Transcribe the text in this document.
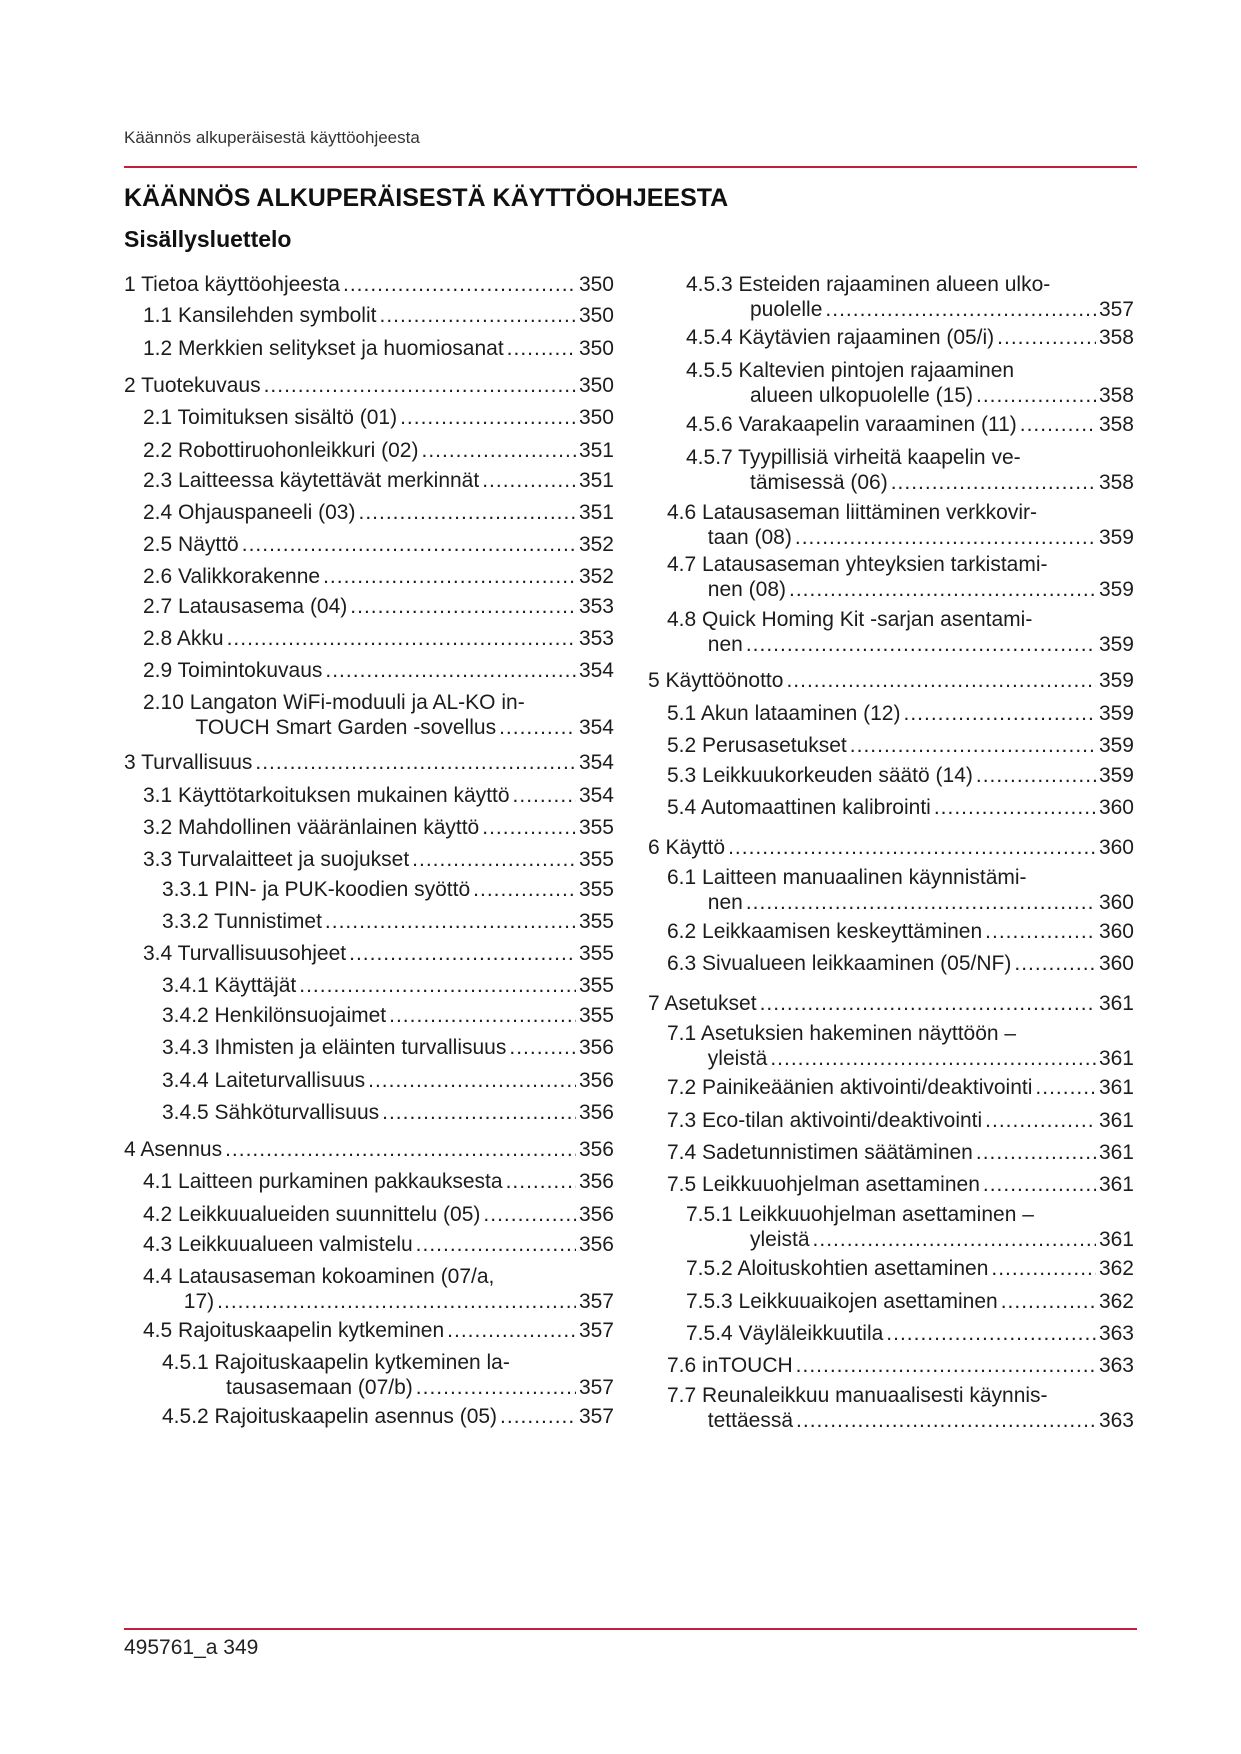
Käännös alkuperäisestä käyttöohjeesta
KÄÄNNÖS ALKUPERÄISESTÄ KÄYTTÖOHJEESTA
Sisällysluettelo
1 Tietoa käyttöohjeesta .....	350
1.1 Kansilehden symbolit .....	350
1.2 Merkkien selitykset ja huomiosanat .....	350
2 Tuotekuvaus .....	350
2.1 Toimituksen sisältö (01) .....	350
2.2 Robottiruohonleikkuri (02) .....	351
2.3 Laitteessa käytettävät merkinnät .....	351
2.4 Ohjauspaneeli (03) .....	351
2.5 Näyttö .....	352
2.6 Valikkorakenne .....	352
2.7 Latausasema (04) .....	353
2.8 Akku .....	353
2.9 Toimintokuvaus .....	354
2.10 Langaton WiFi-moduuli ja AL-KO in-
TOUCH Smart Garden -sovellus .....	354
3 Turvallisuus .....	354
3.1 Käyttötarkoituksen mukainen käyttö .....	354
3.2 Mahdollinen vääränlainen käyttö .....	355
3.3 Turvalaitteet ja suojukset .....	355
3.3.1 PIN- ja PUK-koodien syöttö .....	355
3.3.2 Tunnistimet .....	355
3.4 Turvallisuusohjeet .....	355
3.4.1 Käyttäjät .....	355
3.4.2 Henkilönsuojaimet .....	355
3.4.3 Ihmisten ja eläinten turvallisuus .....	356
3.4.4 Laiteturvallisuus .....	356
3.4.5 Sähköturvallisuus .....	356
4 Asennus .....	356
4.1 Laitteen purkaminen pakkauksesta .....	356
4.2 Leikkuualueiden suunnittelu (05) .....	356
4.3 Leikkuualueen valmistelu .....	356
4.4 Latausaseman kokoaminen (07/a,
17) .....	357
4.5 Rajoituskaapelin kytkeminen .....	357
4.5.1 Rajoituskaapelin kytkeminen la-
tausasemaan (07/b) .....	357
4.5.2 Rajoituskaapelin asennus (05) .....	357
4.5.3 Esteiden rajaaminen alueen ulko-
puolelle .....	357
4.5.4 Käytävien rajaaminen (05/i) .....	358
4.5.5 Kaltevien pintojen rajaaminen
alueen ulkopuolelle (15) .....	358
4.5.6 Varakaapelin varaaminen (11) .....	358
4.5.7 Tyypillisiä virheitä kaapelin ve-
tämisessä (06) .....	358
4.6 Latausaseman liittäminen verkkovir-
taan (08) .....	359
4.7 Latausaseman yhteyksien tarkistami-
nen (08) .....	359
4.8 Quick Homing Kit -sarjan asentami-
nen .....	359
5 Käyttöönotto .....	359
5.1 Akun lataaminen (12) .....	359
5.2 Perusasetukset .....	359
5.3 Leikkuukorkeuden säätö (14) .....	359
5.4 Automaattinen kalibrointi .....	360
6 Käyttö .....	360
6.1 Laitteen manuaalinen käynnistämi-
nen .....	360
6.2 Leikkaamisen keskeyttäminen .....	360
6.3 Sivualueen leikkaaminen (05/NF) .....	360
7 Asetukset .....	361
7.1 Asetuksien hakeminen näyttöön –
yleistä .....	361
7.2 Painikeäänien aktivointi/deaktivointi .....	361
7.3 Eco-tilan aktivointi/deaktivointi .....	361
7.4 Sadetunnistimen säätäminen .....	361
7.5 Leikkuuohjelman asettaminen .....	361
7.5.1 Leikkuuohjelman asettaminen –
yleistä .....	361
7.5.2 Aloituskohtien asettaminen .....	362
7.5.3 Leikkuuaikojen asettaminen .....	362
7.5.4 Väyläleikkuutila .....	363
7.6 inTOUCH .....	363
7.7 Reunaleikkuu manuaalisesti käynnis-
tettäessä .....	363
495761_a 349
